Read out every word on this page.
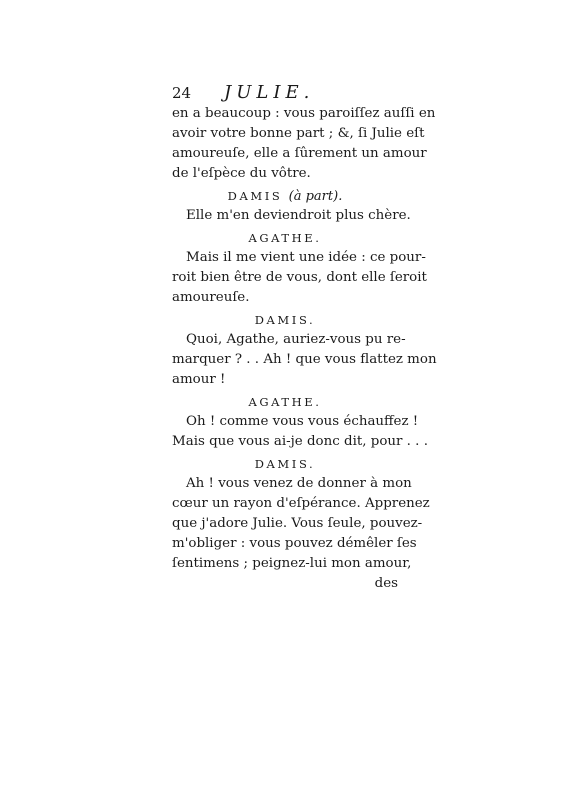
24 JULIE.
en a beaucoup : vous paroiſſez auſſi en
avoir votre bonne part ; &, ſi Julie eſt
amoureuſe, elle a ſûrement un amour
de l'eſpèce du vôtre.
DAMIS (à part).
Elle m'en deviendroit plus chère.
AGATHE.
Mais il me vient une idée : ce pour-
roit bien être de vous, dont elle ſeroit
amoureuſe.
DAMIS.
Quoi, Agathe, auriez-vous pu re-
marquer ? . . Ah ! que vous flattez mon
amour !
AGATHE.
Oh ! comme vous vous échauffez !
Mais que vous ai-je donc dit, pour . . .
DAMIS.
Ah ! vous venez de donner à mon
cœur un rayon d'eſpérance. Apprenez
que j'adore Julie. Vous ſeule, pouvez-
m'obliger : vous pouvez démêler ſes
ſentimens ; peignez-lui mon amour,
des
